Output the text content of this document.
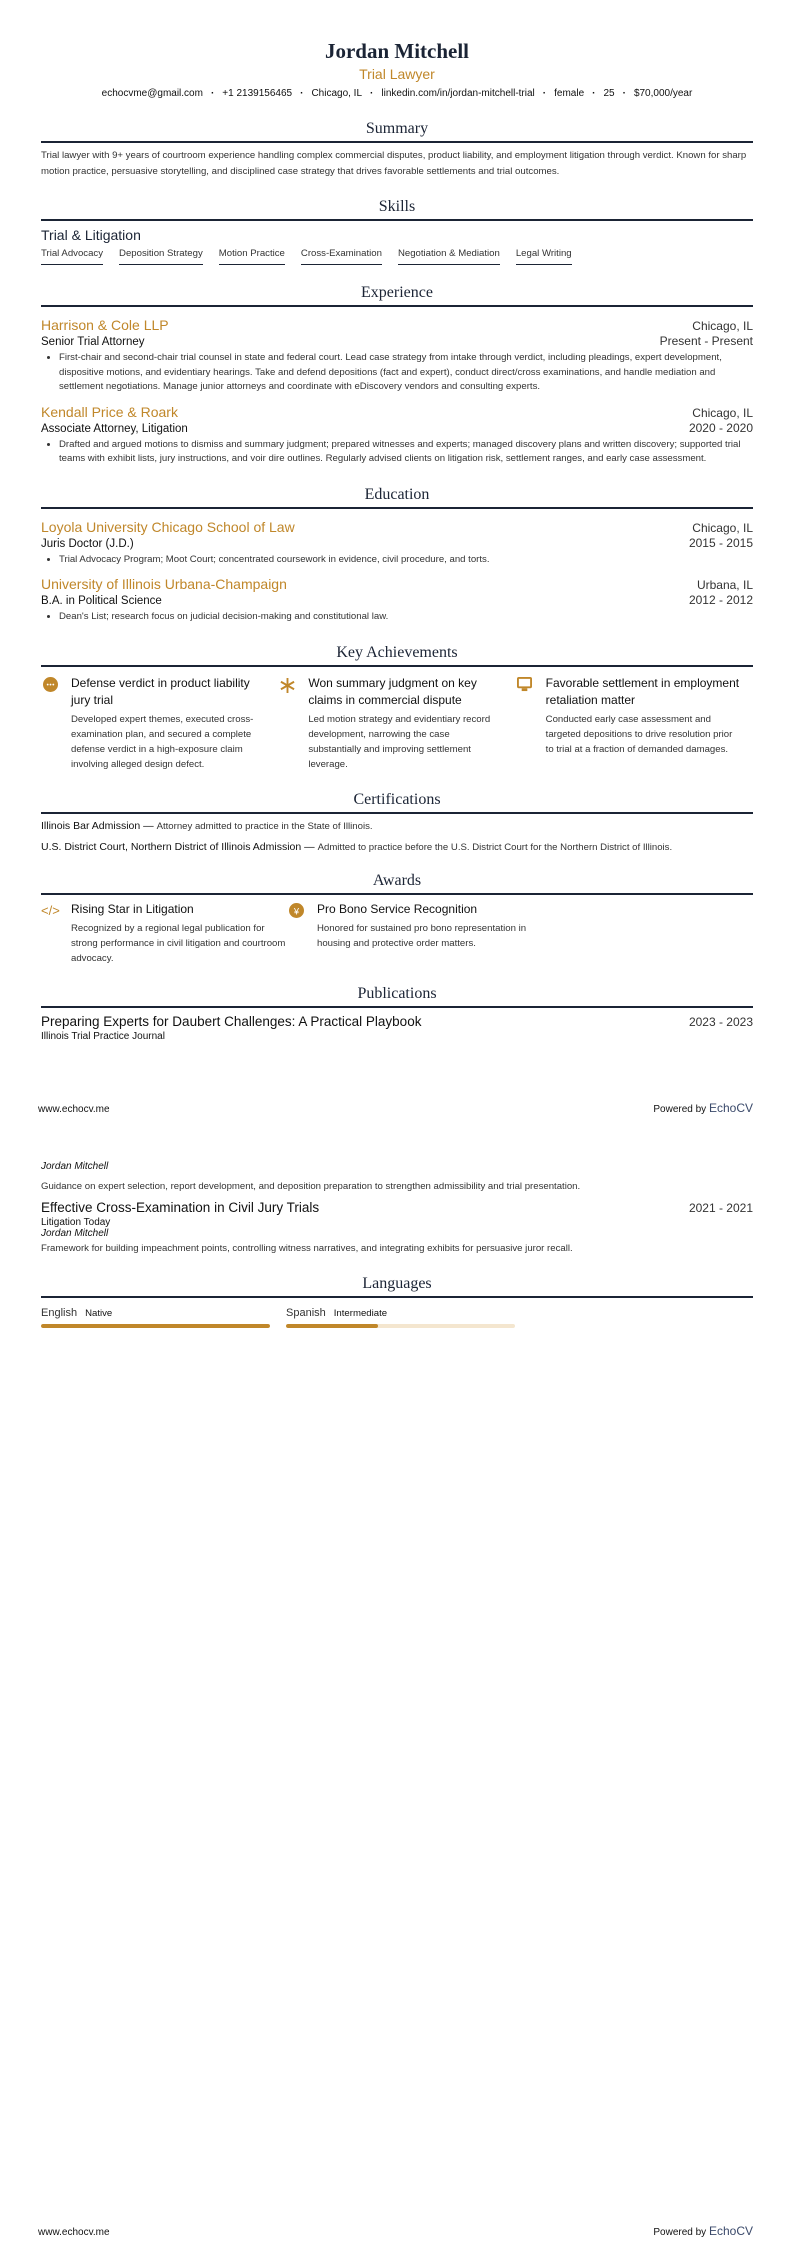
Jordan Mitchell
Trial Lawyer
echocvme@gmail.com · +1 2139156465 · Chicago, IL · linkedin.com/in/jordan-mitchell-trial · female · 25 · $70,000/year
Summary

Trial lawyer with 9+ years of courtroom experience handling complex commercial disputes, product liability, and employment litigation through verdict. Known for sharp motion practice, persuasive storytelling, and disciplined case strategy that drives favorable settlements and trial outcomes.

Skills
Trial & Litigation
Trial Advocacy Deposition Strategy Motion Practice Cross-Examination Negotiation & Mediation Legal Writing
Experience
Harrison & Cole LLP	Chicago, IL
Senior Trial Attorney	Present - Present
• First-chair and second-chair trial counsel in state and federal court. Lead case strategy from intake through verdict, including pleadings, expert development, dispositive motions, and evidentiary hearings. Take and defend depositions (fact and expert), conduct direct/cross examinations, and handle mediation and settlement negotiations. Manage junior attorneys and coordinate with eDiscovery vendors and consulting experts.
Kendall Price & Roark	Chicago, IL
Associate Attorney, Litigation	2020 - 2020
• Drafted and argued motions to dismiss and summary judgment; prepared witnesses and experts; managed discovery plans and written discovery; supported trial teams with exhibit lists, jury instructions, and voir dire outlines. Regularly advised clients on litigation risk, settlement ranges, and early case assessment.
Education
Loyola University Chicago School of Law	Chicago, IL
Juris Doctor (J.D.)	2015 - 2015
• Trial Advocacy Program; Moot Court; concentrated coursework in evidence, civil procedure, and torts.
University of Illinois Urbana-Champaign	Urbana, IL
B.A. in Political Science	2012 - 2012
• Dean's List; research focus on judicial decision-making and constitutional law.
Key Achievements
Defense verdict in product liability jury trial
Developed expert themes, executed cross-examination plan, and secured a complete defense verdict in a high-exposure claim involving alleged design defect.
Won summary judgment on key claims in commercial dispute
Led motion strategy and evidentiary record development, narrowing the case substantially and improving settlement leverage.
Favorable settlement in employment retaliation matter
Conducted early case assessment and targeted depositions to drive resolution prior to trial at a fraction of demanded damages.
Certifications
Illinois Bar Admission — Attorney admitted to practice in the State of Illinois.
U.S. District Court, Northern District of Illinois Admission — Admitted to practice before the U.S. District Court for the Northern District of Illinois.
Awards
</> Rising Star in Litigation
Recognized by a regional legal publication for strong performance in civil litigation and courtroom advocacy.
¥ Pro Bono Service Recognition
Honored for sustained pro bono representation in housing and protective order matters.
Publications
Preparing Experts for Daubert Challenges: A Practical Playbook	2023 - 2023
Illinois Trial Practice Journal
www.echocv.me	Powered by EchoCV
Jordan Mitchell

Guidance on expert selection, report development, and deposition preparation to strengthen admissibility and trial presentation.

Effective Cross-Examination in Civil Jury Trials	2021 - 2021
Litigation Today
Jordan Mitchell

Framework for building impeachment points, controlling witness narratives, and integrating exhibits for persuasive juror recall.

Languages
English Native	Spanish Intermediate
www.echocv.me	Powered by EchoCV
